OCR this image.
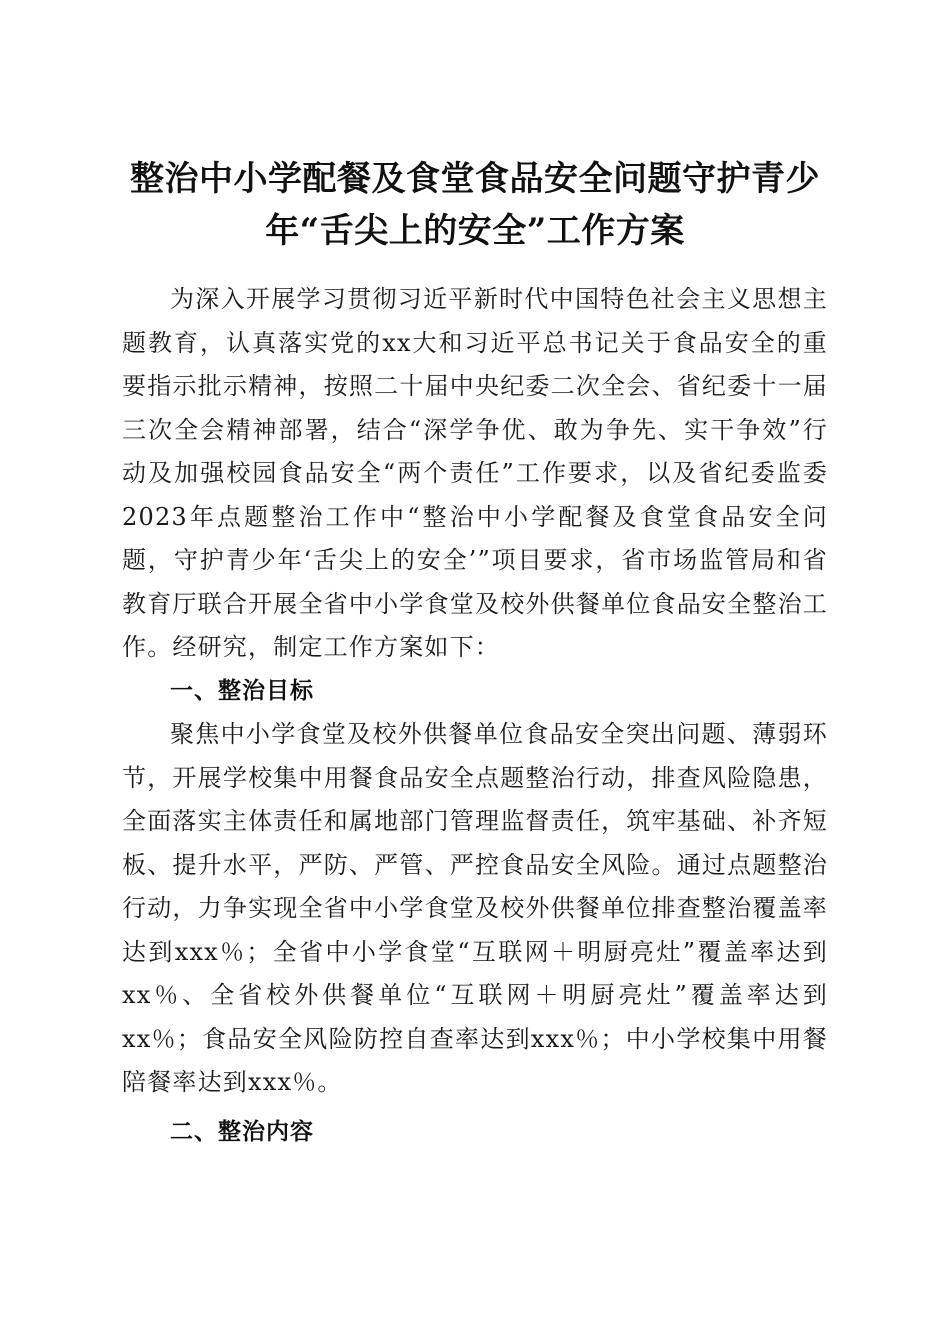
整治中小学配餐及食堂食品安全问题守护青少年“舌尖上的安全”工作方案

为深入开展学习贯彻习近平新时代中国特色社会主义思想主题教育，认真落实党的xx大和习近平总书记关于食品安全的重要指示批示精神，按照二十届中央纪委二次全会、省纪委十一届三次全会精神部署，结合“深学争优、敢为争先、实干争效”行动及加强校园食品安全“两个责任”工作要求，以及省纪委监委2023年点题整治工作中“整治中小学配餐及食堂食品安全问题，守护青少年‘舌尖上的安全’”项目要求，省市场监管局和省教育厅联合开展全省中小学食堂及校外供餐单位食品安全整治工作。经研究，制定工作方案如下：

一、整治目标

聚焦中小学食堂及校外供餐单位食品安全突出问题、薄弱环节，开展学校集中用餐食品安全点题整治行动，排查风险隐患，全面落实主体责任和属地部门管理监督责任，筑牢基础、补齐短板、提升水平，严防、严管、严控食品安全风险。通过点题整治行动，力争实现全省中小学食堂及校外供餐单位排查整治覆盖率达到xxx％；全省中小学食堂“互联网＋明厨亮灶”覆盖率达到xx％、全省校外供餐单位“互联网＋明厨亮灶”覆盖率达到xx％；食品安全风险防控自查率达到xxx％；中小学校集中用餐陪餐率达到xxx％。

二、整治内容
